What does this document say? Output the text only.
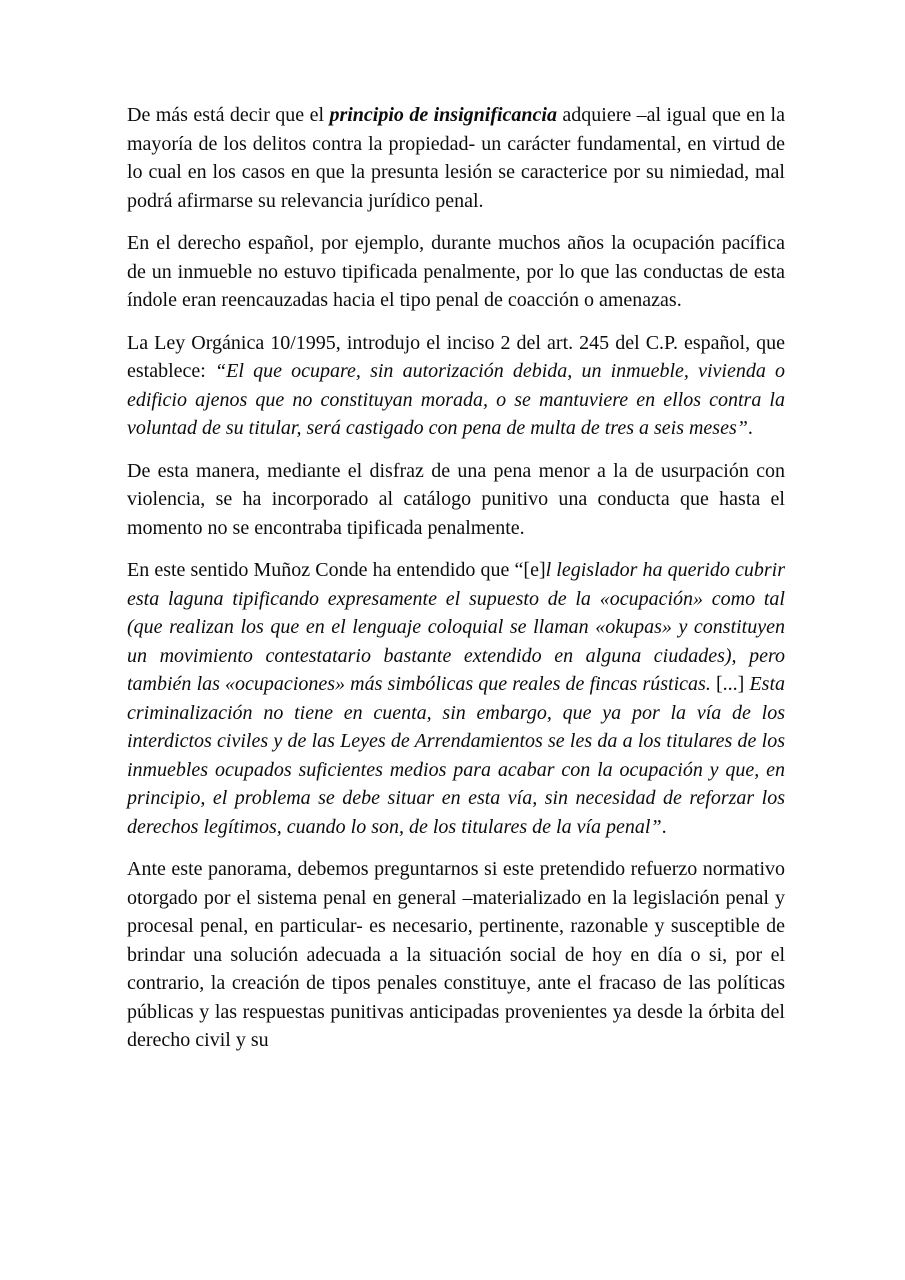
De más está decir que el principio de insignificancia adquiere –al igual que en la mayoría de los delitos contra la propiedad- un carácter fundamental, en virtud de lo cual en los casos en que la presunta lesión se caracterice por su nimiedad, mal podrá afirmarse su relevancia jurídico penal.

En el derecho español, por ejemplo, durante muchos años la ocupación pacífica de un inmueble no estuvo tipificada penalmente, por lo que las conductas de esta índole eran reencauzadas hacia el tipo penal de coacción o amenazas.

La Ley Orgánica 10/1995, introdujo el inciso 2 del art. 245 del C.P. español, que establece: “El que ocupare, sin autorización debida, un inmueble, vivienda o edificio ajenos que no constituyan morada, o se mantuviere en ellos contra la voluntad de su titular, será castigado con pena de multa de tres a seis meses”.

De esta manera, mediante el disfraz de una pena menor a la de usurpación con violencia, se ha incorporado al catálogo punitivo una conducta que hasta el momento no se encontraba tipificada penalmente.

En este sentido Muñoz Conde ha entendido que “[e]l legislador ha querido cubrir esta laguna tipificando expresamente el supuesto de la «ocupación» como tal (que realizan los que en el lenguaje coloquial se llaman «okupas» y constituyen un movimiento contestatario bastante extendido en alguna ciudades), pero también las «ocupaciones» más simbólicas que reales de fincas rústicas. [...] Esta criminalización no tiene en cuenta, sin embargo, que ya por la vía de los interdictos civiles y de las Leyes de Arrendamientos se les da a los titulares de los inmuebles ocupados suficientes medios para acabar con la ocupación y que, en principio, el problema se debe situar en esta vía, sin necesidad de reforzar los derechos legítimos, cuando lo son, de los titulares de la vía penal”.

Ante este panorama, debemos preguntarnos si este pretendido refuerzo normativo otorgado por el sistema penal en general –materializado en la legislación penal y procesal penal, en particular- es necesario, pertinente, razonable y susceptible de brindar una solución adecuada a la situación social de hoy en día o si, por el contrario, la creación de tipos penales constituye, ante el fracaso de las políticas públicas y las respuestas punitivas anticipadas provenientes ya desde la órbita del derecho civil y su
